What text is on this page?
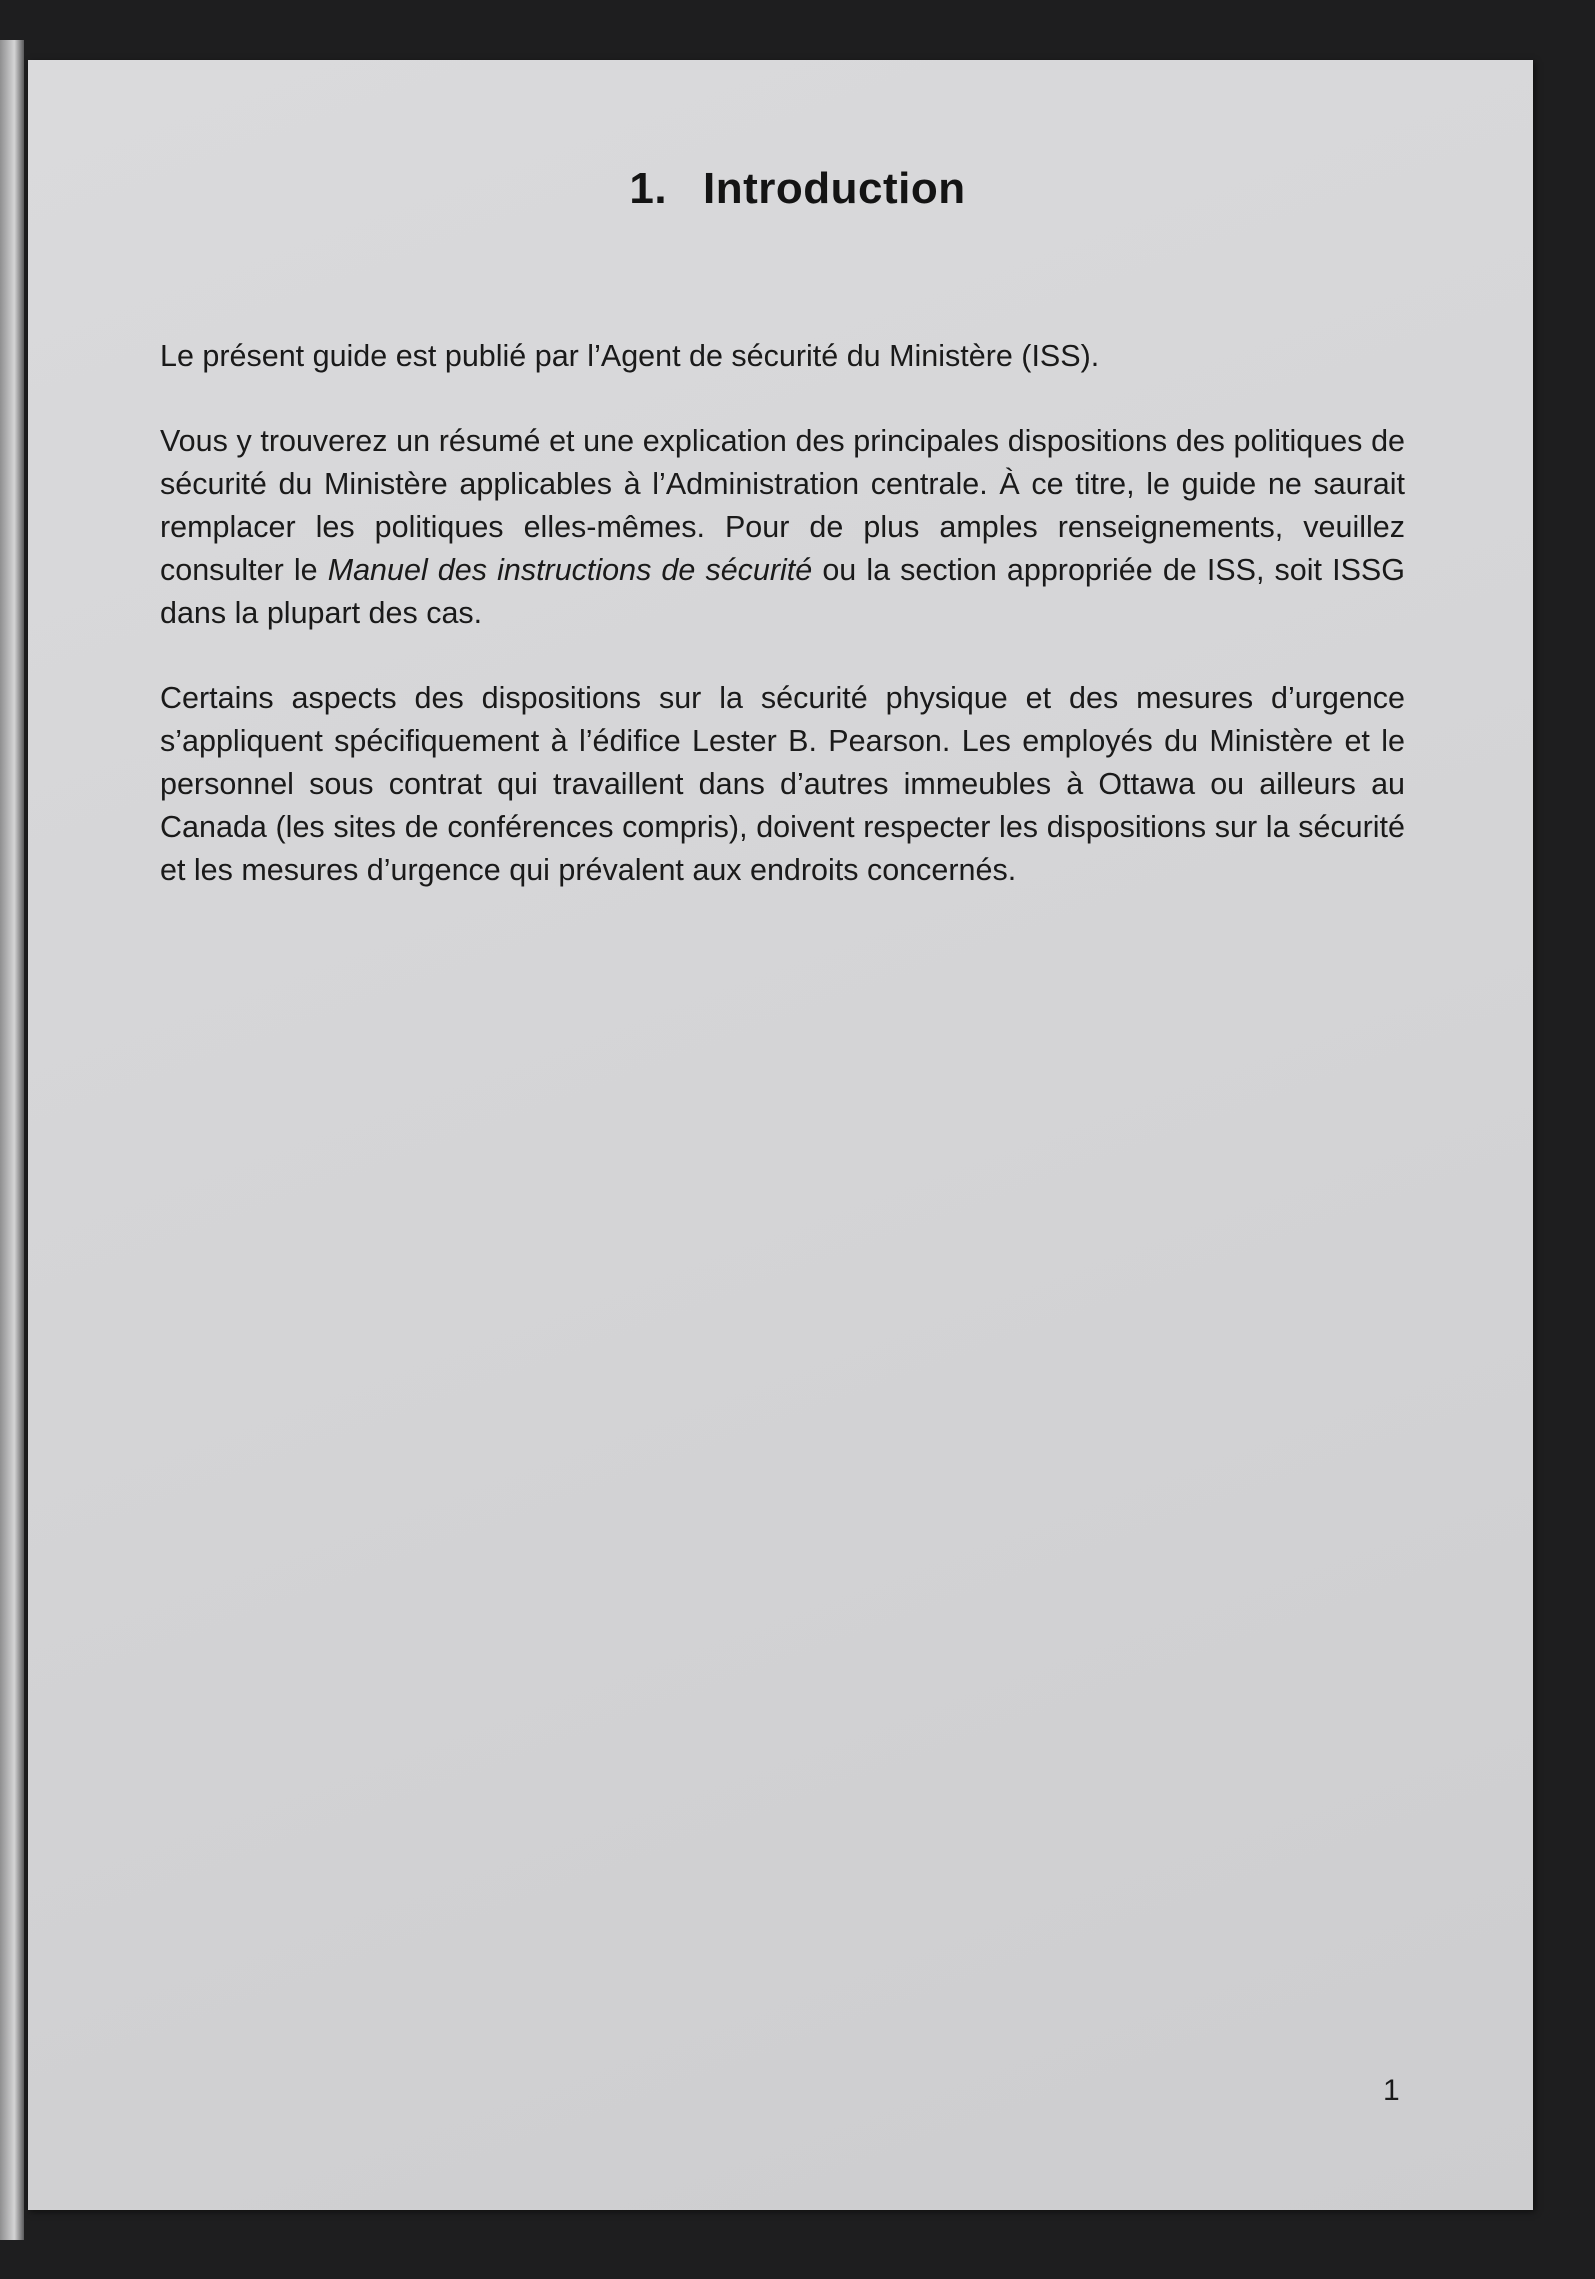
1. Introduction

Le présent guide est publié par l’Agent de sécurité du Ministère (ISS).

Vous y trouverez un résumé et une explication des principales dispositions des politiques de sécurité du Ministère applicables à l’Administration centrale. À ce titre, le guide ne saurait remplacer les politiques elles-mêmes. Pour de plus amples renseignements, veuillez consulter le Manuel des instructions de sécurité ou la section appropriée de ISS, soit ISSG dans la plupart des cas.

Certains aspects des dispositions sur la sécurité physique et des mesures d’urgence s’appliquent spécifiquement à l’édifice Lester B. Pearson. Les employés du Ministère et le personnel sous contrat qui travaillent dans d’autres immeubles à Ottawa ou ailleurs au Canada (les sites de conférences compris), doivent respecter les dispositions sur la sécurité et les mesures d’urgence qui prévalent aux endroits concernés.

1
